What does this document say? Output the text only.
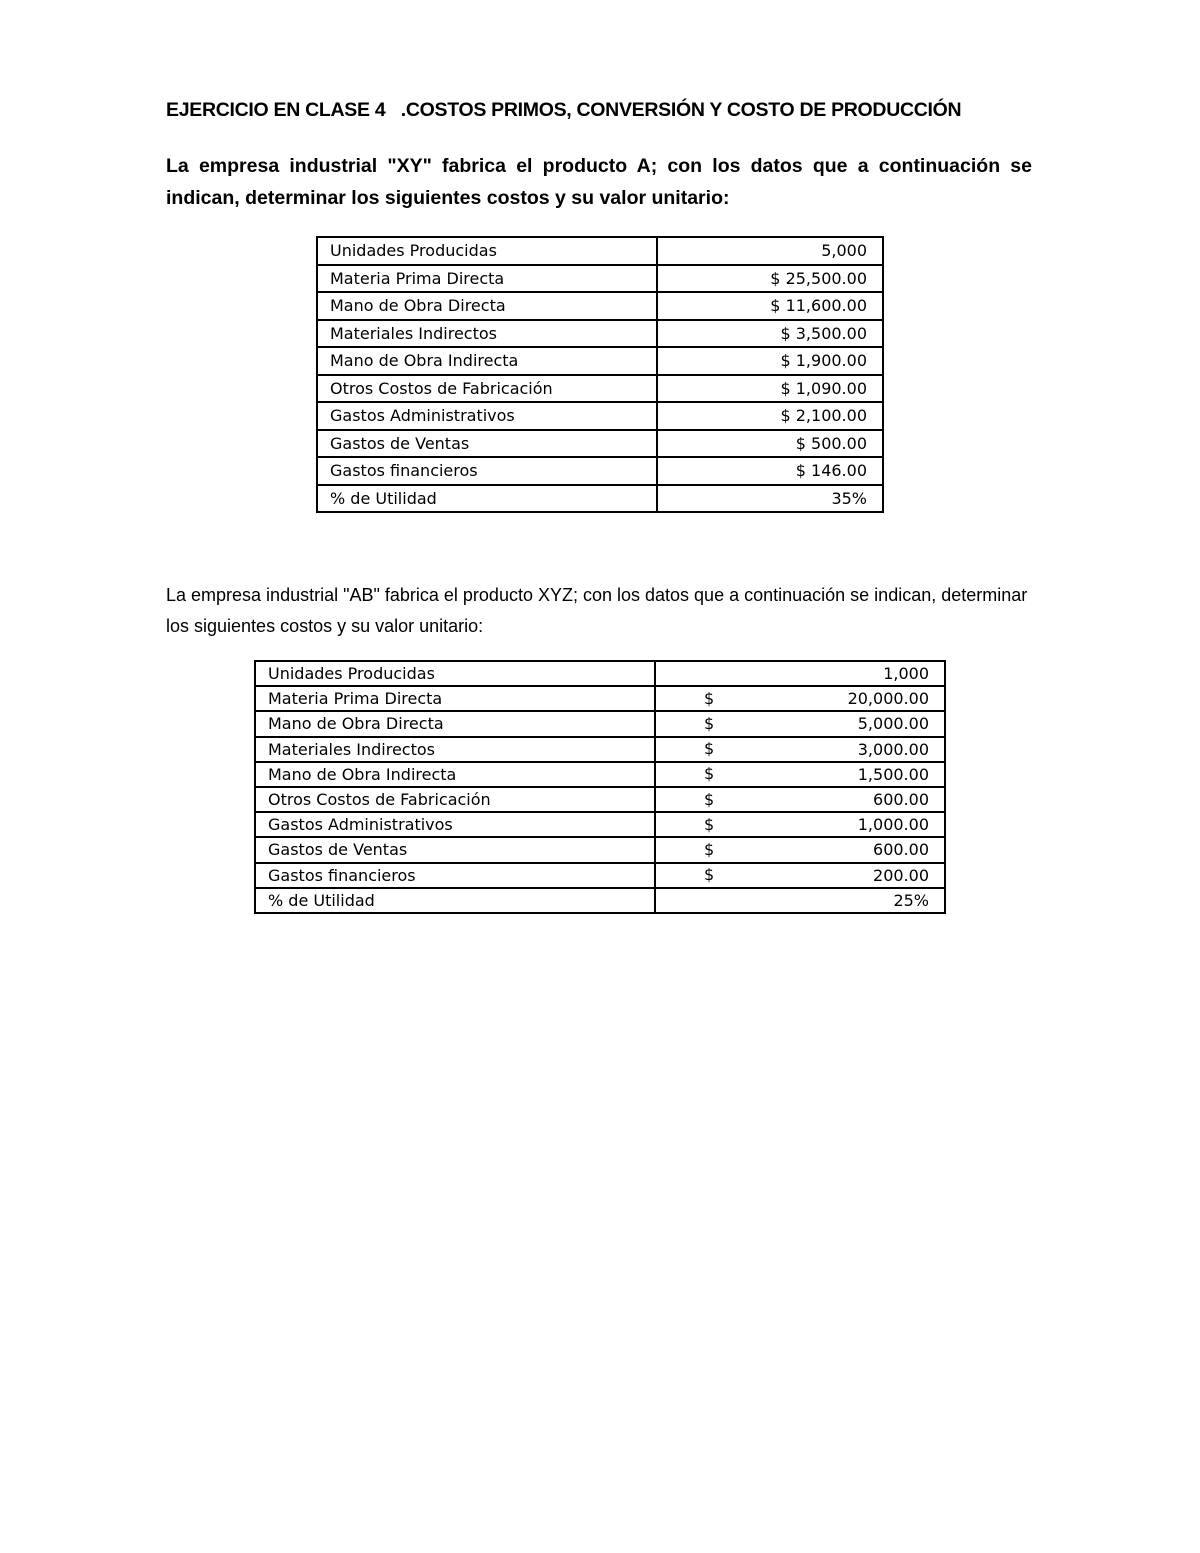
EJERCICIO EN CLASE 4   .COSTOS PRIMOS, CONVERSIÓN Y COSTO DE PRODUCCIÓN
La empresa industrial "XY" fabrica el producto A; con los datos que a continuación se indican, determinar los siguientes costos y su valor unitario:
Unidades Producidas	5,000
Materia Prima Directa	$ 25,500.00
Mano de Obra Directa	$ 11,600.00
Materiales Indirectos	$ 3,500.00
Mano de Obra Indirecta	$ 1,900.00
Otros Costos de Fabricación	$ 1,090.00
Gastos Administrativos	$ 2,100.00
Gastos de Ventas	$ 500.00
Gastos financieros	$ 146.00
% de Utilidad	35%
La empresa industrial "AB" fabrica el producto XYZ; con los datos que a continuación se indican, determinar los siguientes costos y su valor unitario:
Unidades Producidas	1,000
Materia Prima Directa	$ 20,000.00
Mano de Obra Directa	$ 5,000.00
Materiales Indirectos	$ 3,000.00
Mano de Obra Indirecta	$ 1,500.00
Otros Costos de Fabricación	$ 600.00
Gastos Administrativos	$ 1,000.00
Gastos de Ventas	$ 600.00
Gastos financieros	$ 200.00
% de Utilidad	25%
